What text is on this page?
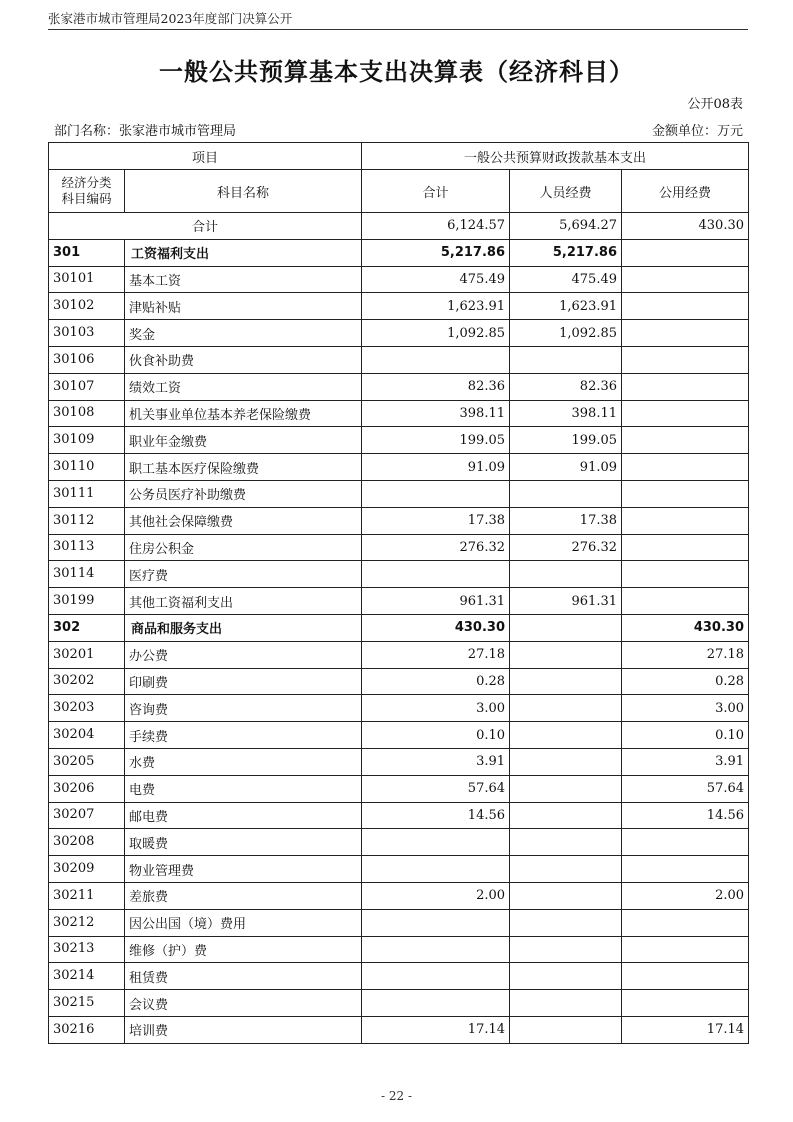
张家港市城市管理局2023年度部门决算公开
一般公共预算基本支出决算表（经济科目）
公开08表
部门名称：张家港市城市管理局	金额单位：万元
项目		一般公共预算财政拨款基本支出		

经济分类
科目编码	科目名称	合计	人员经费	公用经费
合计		6,124.57	5,694.27	430.30
301	工资福利支出	5,217.86	5,217.86	
30101	基本工资	475.49	475.49	
30102	津贴补贴	1,623.91	1,623.91	
30103	奖金	1,092.85	1,092.85	
30106	伙食补助费			
30107	绩效工资	82.36	82.36	
30108	机关事业单位基本养老保险缴费	398.11	398.11	
30109	职业年金缴费	199.05	199.05	
30110	职工基本医疗保险缴费	91.09	91.09	
30111	公务员医疗补助缴费			
30112	其他社会保障缴费	17.38	17.38	
30113	住房公积金	276.32	276.32	
30114	医疗费			
30199	其他工资福利支出	961.31	961.31	
302	商品和服务支出	430.30		430.30
30201	办公费	27.18		27.18
30202	印刷费	0.28		0.28
30203	咨询费	3.00		3.00
30204	手续费	0.10		0.10
30205	水费	3.91		3.91
30206	电费	57.64		57.64
30207	邮电费	14.56		14.56
30208	取暖费			
30209	物业管理费			
30211	差旅费	2.00		2.00
30212	因公出国（境）费用			
30213	维修（护）费			
30214	租赁费			
30215	会议费			
30216	培训费	17.14		17.14
- 22 -
